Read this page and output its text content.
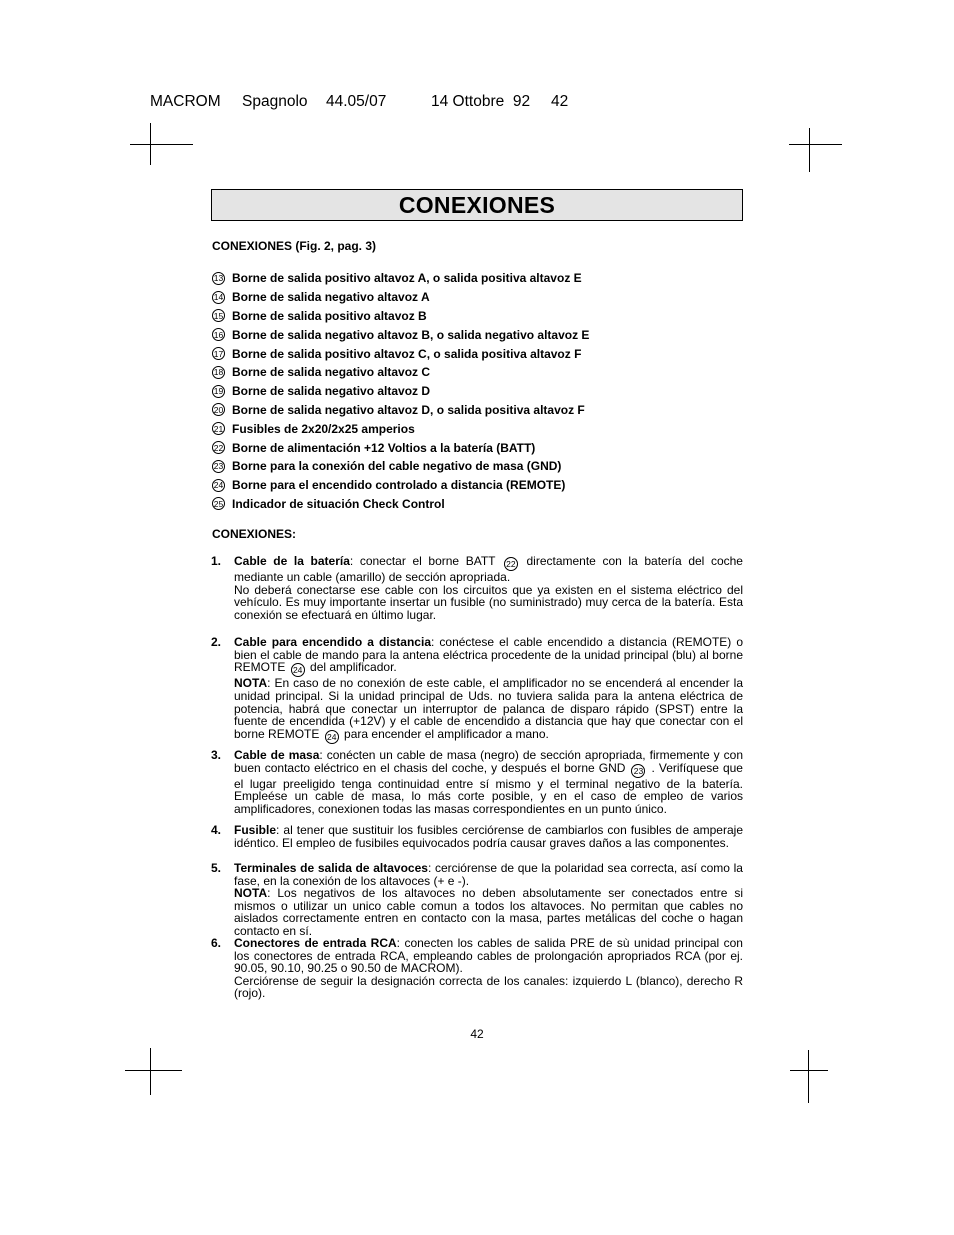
MACROM

Spagnolo

44.05/07

	14 Ottobre  92

42

CONEXIONES
CONEXIONES (Fig. 2, pag. 3)
13 Borne de salida positivo altavoz A, o salida positiva altavoz E
14 Borne de salida negativo altavoz A
15 Borne de salida positivo altavoz B
16 Borne de salida negativo altavoz B, o salida negativo altavoz E
17 Borne de salida positivo altavoz C, o salida positiva altavoz F
18 Borne de salida negativo altavoz C
19 Borne de salida negativo altavoz D
20 Borne de salida negativo altavoz D, o salida positiva altavoz F
21 Fusibles de 2x20/2x25 amperios
22 Borne de alimentación +12 Voltios a la batería (BATT)
23 Borne para la conexión del cable negativo de masa (GND)
24 Borne para el encendido controlado a distancia (REMOTE)
25 Indicador de situación Check Control
CONEXIONES:
1. Cable de la batería: conectar el borne BATT 22 directamente con la batería del coche mediante un cable (amarillo) de sección apropriada.

No deberá conectarse ese cable con los circuitos que ya existen en el sistema eléctrico del vehículo. Es muy importante insertar un fusible (no suministrado) muy cerca de la batería. Esta conexión se efectuará en último lugar.

2. Cable para encendido a distancia: conéctese el cable encendido a distancia (REMOTE) o bien el cable de mando para la antena eléctrica procedente de la unidad principal (blu) al borne REMOTE 24 del amplificador.

NOTA: En caso de no conexión de este cable, el amplificador no se encenderá al encender la unidad principal. Si la unidad principal de Uds. no tuviera salida para la antena eléctrica de potencia, habrá que conectar un interruptor de palanca de disparo rápido (SPST) entre la fuente de encendida (+12V) y el cable de encendido a distancia que hay que conectar con el borne REMOTE 24 para encender el amplificador a mano.

3. Cable de masa: conécten un cable de masa (negro) de sección apropriada, firmemente y con buen contacto eléctrico en el chasis del coche, y después el borne GND 23 . Verifíquese que el lugar preeligido tenga continuidad entre sí mismo y el terminal negativo de la batería. Empleése un cable de masa, lo más corte posible, y en el caso de empleo de varios amplificadores, conexionen todas las masas correspondientes en un punto único.

4. Fusible: al tener que sustituir los fusibles cerciórense de cambiarlos con fusibles de amperaje idéntico. El empleo de fusibiles equivocados podría causar graves daños a las componentes.

5. Terminales de salida de altavoces: cerciórense de que la polaridad sea correcta, así como la fase, en la conexión de los altavoces (+ e -).

NOTA: Los negativos de los altavoces no deben absolutamente ser conectados entre si mismos o utilizar un unico cable comun a todos los altavoces. No permitan que cables no aislados correctamente entren en contacto con la masa, partes metálicas del coche o hagan contacto en sí.

6. Conectores de entrada RCA: conecten los cables de salida PRE de sù unidad principal con los conectores de entrada RCA, empleando cables de prolongación apropriados RCA (por ej. 90.05, 90.10, 90.25 o 90.50 de MACROM).

Cerciórense de seguir la designación correcta de los canales: izquierdo L (blanco), derecho R (rojo).

42
